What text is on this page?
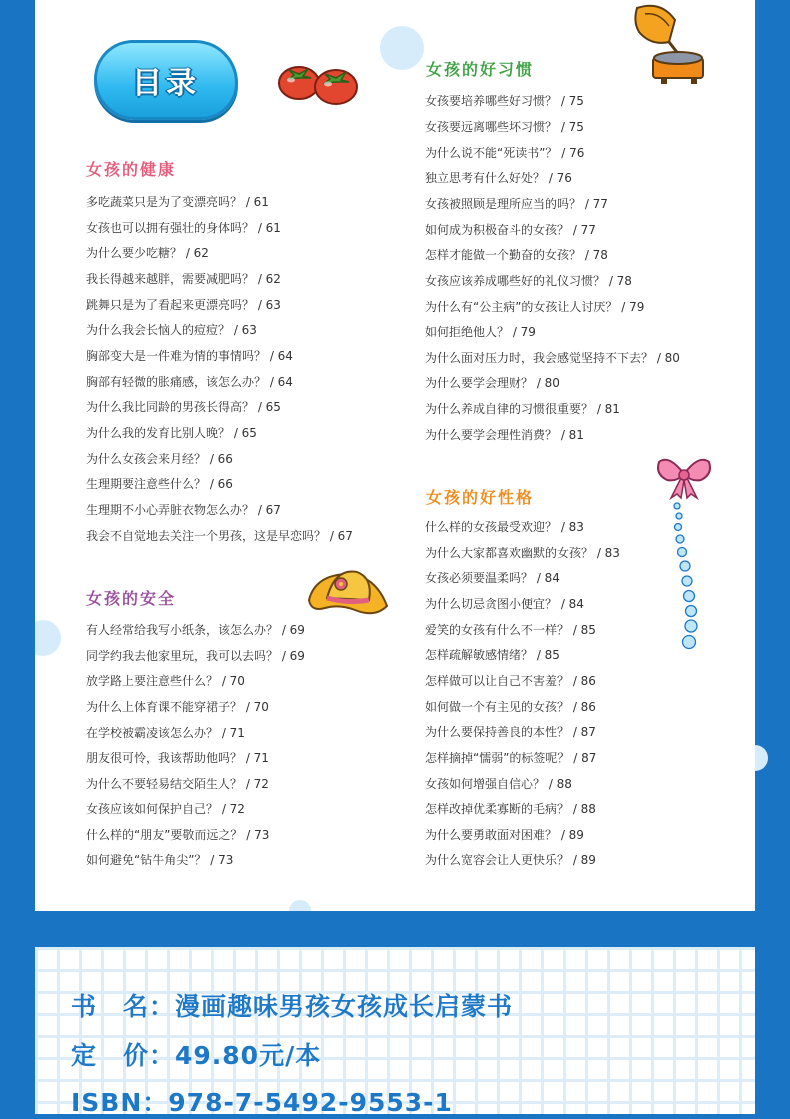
目录
女孩的健康
多吃蔬菜只是为了变漂亮吗？ / 61
女孩也可以拥有强壮的身体吗？ / 61
为什么要少吃糖？ / 62
我长得越来越胖，需要减肥吗？ / 62
跳舞只是为了看起来更漂亮吗？ / 63
为什么我会长恼人的痘痘？ / 63
胸部变大是一件难为情的事情吗？ / 64
胸部有轻微的胀痛感，该怎么办？ / 64
为什么我比同龄的男孩长得高？ / 65
为什么我的发育比别人晚？ / 65
为什么女孩会来月经？ / 66
生理期要注意些什么？ / 66
生理期不小心弄脏衣物怎么办？ / 67
我会不自觉地去关注一个男孩，这是早恋吗？ / 67
女孩的安全
有人经常给我写小纸条，该怎么办？ / 69
同学约我去他家里玩，我可以去吗？ / 69
放学路上要注意些什么？ / 70
为什么上体育课不能穿裙子？ / 70
在学校被霸凌该怎么办？ / 71
朋友很可怜，我该帮助他吗？ / 71
为什么不要轻易结交陌生人？ / 72
女孩应该如何保护自己？ / 72
什么样的“朋友”要敬而远之？ / 73
如何避免“钻牛角尖”？ / 73
女孩的好习惯
女孩要培养哪些好习惯？ / 75
女孩要远离哪些坏习惯？ / 75
为什么说不能“死读书”？ / 76
独立思考有什么好处？ / 76
女孩被照顾是理所应当的吗？ / 77
如何成为积极奋斗的女孩？ / 77
怎样才能做一个勤奋的女孩？ / 78
女孩应该养成哪些好的礼仪习惯？ / 78
为什么有“公主病”的女孩让人讨厌？ / 79
如何拒绝他人？ / 79
为什么面对压力时，我会感觉坚持不下去？ / 80
为什么要学会理财？ / 80
为什么养成自律的习惯很重要？ / 81
为什么要学会理性消费？ / 81
女孩的好性格
什么样的女孩最受欢迎？ / 83
为什么大家都喜欢幽默的女孩？ / 83
女孩必须要温柔吗？ / 84
为什么切忌贪图小便宜？ / 84
爱笑的女孩有什么不一样？ / 85
怎样疏解敏感情绪？ / 85
怎样做可以让自己不害羞？ / 86
如何做一个有主见的女孩？ / 86
为什么要保持善良的本性？ / 87
怎样摘掉“懦弱”的标签呢？ / 87
女孩如何增强自信心？ / 88
怎样改掉优柔寡断的毛病？ / 88
为什么要勇敢面对困难？ / 89
为什么宽容会让人更快乐？ / 89
书　名：漫画趣味男孩女孩成长启蒙书
定　价：49.80元/本
ISBN：978-7-5492-9553-1
